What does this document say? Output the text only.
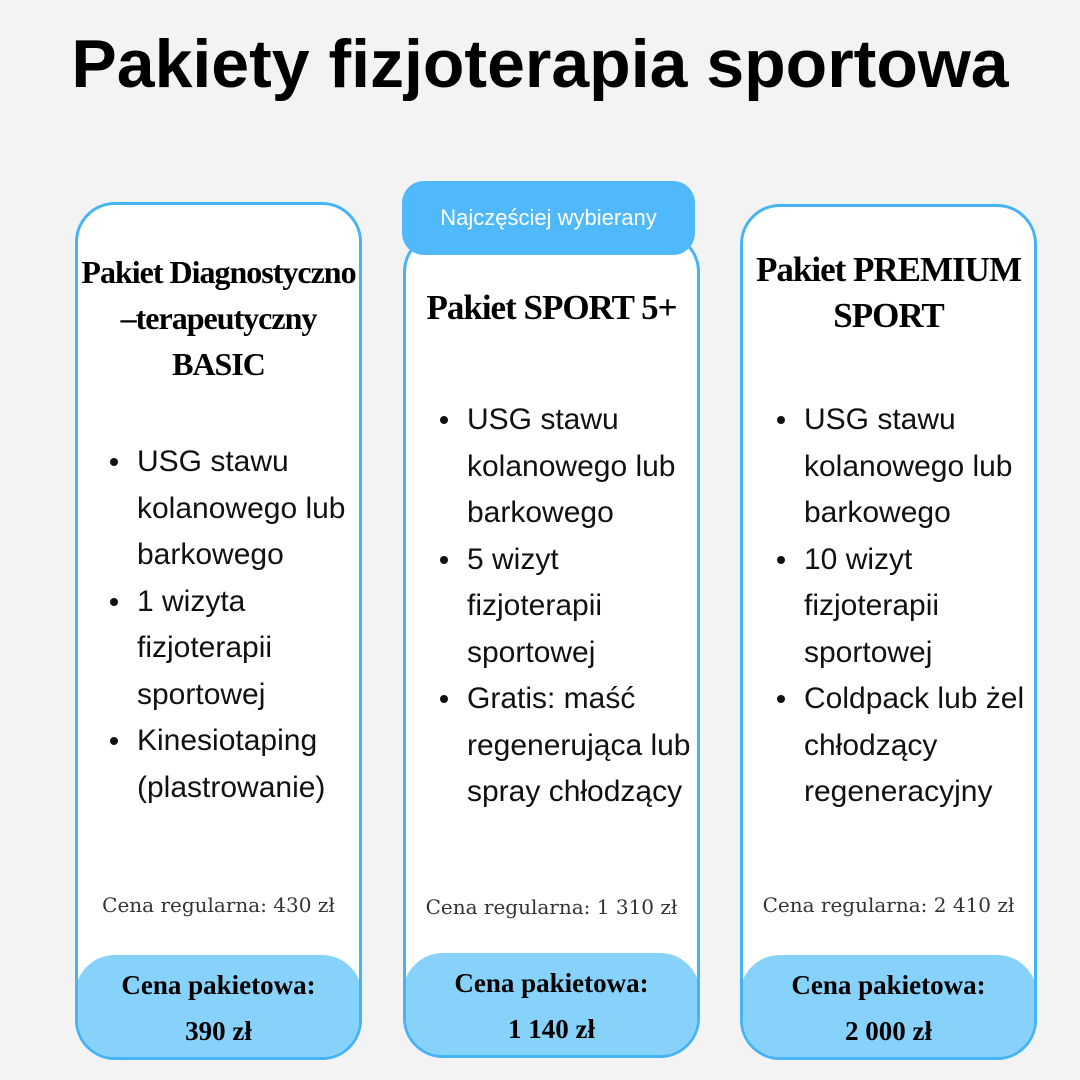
Pakiety fizjoterapia sportowa
Pakiet Diagnostyczno –terapeutyczny BASIC
USG stawu kolanowego lub barkowego
1 wizyta fizjoterapii sportowej
Kinesiotaping (plastrowanie)
Cena regularna: 430 zł
Cena pakietowa:
390 zł
Pakiet SPORT 5+
USG stawu kolanowego lub barkowego
5 wizyt fizjoterapii sportowej
Gratis: maść regenerująca lub spray chłodzący
Cena regularna: 1 310 zł
Cena pakietowa:
1 140 zł
Najczęściej wybierany
Pakiet PREMIUM SPORT
USG stawu kolanowego lub barkowego
10 wizyt fizjoterapii sportowej
Coldpack lub żel chłodzący regeneracyjny
Cena regularna: 2 410 zł
Cena pakietowa:
2 000 zł
